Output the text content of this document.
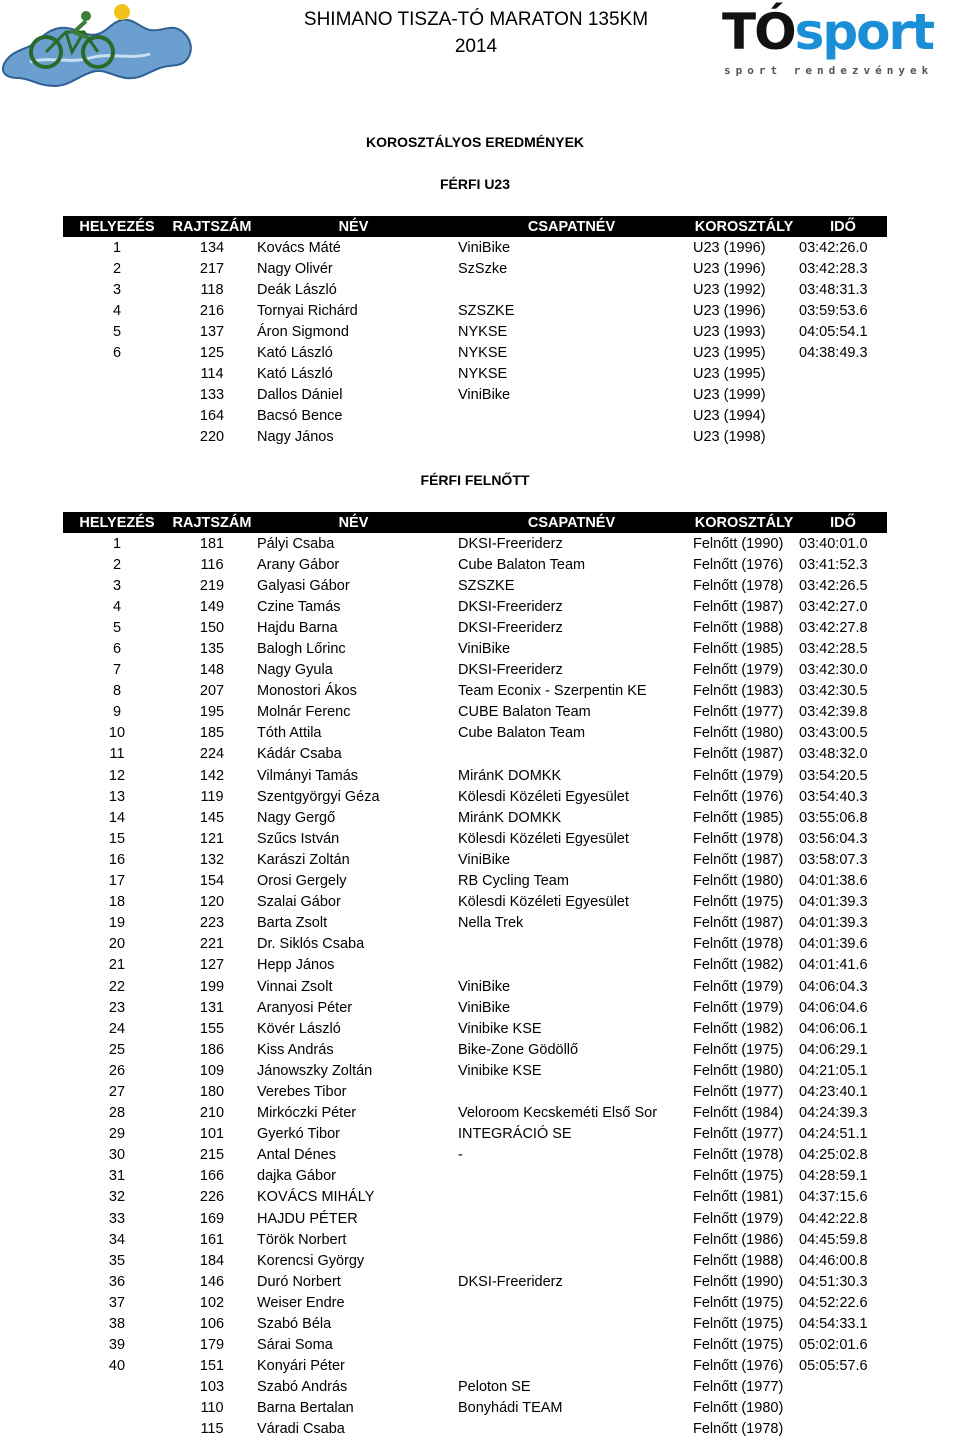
TÓsport
sport rendezvények
SHIMANO TISZA-TÓ MARATON 135KM
2014
KOROSZTÁLYOS EREDMÉNYEK
FÉRFI U23
HELYEZÉS	RAJTSZÁM	NÉV	CSAPATNÉV	KOROSZTÁLY	IDŐ
1	134	Kovács Máté	ViniBike	U23 (1996)	03:42:26.0
2	217	Nagy Olivér	SzSzke	U23 (1996)	03:42:28.3
3	118	Deák László		U23 (1992)	03:48:31.3
4	216	Tornyai Richárd	SZSZKE	U23 (1996)	03:59:53.6
5	137	Áron Sigmond	NYKSE	U23 (1993)	04:05:54.1
6	125	Kató László	NYKSE	U23 (1995)	04:38:49.3
	114	Kató László	NYKSE	U23 (1995)	
	133	Dallos Dániel	ViniBike	U23 (1999)	
	164	Bacsó Bence		U23 (1994)	
	220	Nagy János		U23 (1998)	
FÉRFI FELNŐTT
HELYEZÉS	RAJTSZÁM	NÉV	CSAPATNÉV	KOROSZTÁLY	IDŐ
1	181	Pályi Csaba	DKSI-Freeriderz	Felnőtt (1990)	03:40:01.0
2	116	Arany Gábor	Cube Balaton Team	Felnőtt (1976)	03:41:52.3
3	219	Galyasi Gábor	SZSZKE	Felnőtt (1978)	03:42:26.5
4	149	Czine Tamás	DKSI-Freeriderz	Felnőtt (1987)	03:42:27.0
5	150	Hajdu Barna	DKSI-Freeriderz	Felnőtt (1988)	03:42:27.8
6	135	Balogh Lőrinc	ViniBike	Felnőtt (1985)	03:42:28.5
7	148	Nagy Gyula	DKSI-Freeriderz	Felnőtt (1979)	03:42:30.0
8	207	Monostori Ákos	Team Econix - Szerpentin KE	Felnőtt (1983)	03:42:30.5
9	195	Molnár Ferenc	CUBE Balaton Team	Felnőtt (1977)	03:42:39.8
10	185	Tóth Attila	Cube Balaton Team	Felnőtt (1980)	03:43:00.5
11	224	Kádár Csaba		Felnőtt (1987)	03:48:32.0
12	142	Vilmányi Tamás	MiránK DOMKK	Felnőtt (1979)	03:54:20.5
13	119	Szentgyörgyi Géza	Kölesdi Közéleti Egyesület	Felnőtt (1976)	03:54:40.3
14	145	Nagy Gergő	MiránK DOMKK	Felnőtt (1985)	03:55:06.8
15	121	Szűcs István	Kölesdi Közéleti Egyesület	Felnőtt (1978)	03:56:04.3
16	132	Karászi Zoltán	ViniBike	Felnőtt (1987)	03:58:07.3
17	154	Orosi Gergely	RB Cycling Team	Felnőtt (1980)	04:01:38.6
18	120	Szalai Gábor	Kölesdi Közéleti Egyesület	Felnőtt (1975)	04:01:39.3
19	223	Barta Zsolt	Nella Trek	Felnőtt (1987)	04:01:39.3
20	221	Dr. Siklós Csaba		Felnőtt (1978)	04:01:39.6
21	127	Hepp János		Felnőtt (1982)	04:01:41.6
22	199	Vinnai Zsolt	ViniBike	Felnőtt (1979)	04:06:04.3
23	131	Aranyosi Péter	ViniBike	Felnőtt (1979)	04:06:04.6
24	155	Kövér László	Vinibike KSE	Felnőtt (1982)	04:06:06.1
25	186	Kiss András	Bike-Zone Gödöllő	Felnőtt (1975)	04:06:29.1
26	109	Jánowszky Zoltán	Vinibike KSE	Felnőtt (1980)	04:21:05.1
27	180	Verebes Tibor		Felnőtt (1977)	04:23:40.1
28	210	Mirkóczki Péter	Veloroom Kecskeméti Első Sor	Felnőtt (1984)	04:24:39.3
29	101	Gyerkó Tibor	INTEGRÁCIÓ SE	Felnőtt (1977)	04:24:51.1
30	215	Antal Dénes	-	Felnőtt (1978)	04:25:02.8
31	166	dajka Gábor		Felnőtt (1975)	04:28:59.1
32	226	KOVÁCS MIHÁLY		Felnőtt (1981)	04:37:15.6
33	169	HAJDU PÉTER		Felnőtt (1979)	04:42:22.8
34	161	Török Norbert		Felnőtt (1986)	04:45:59.8
35	184	Korencsi György		Felnőtt (1988)	04:46:00.8
36	146	Duró Norbert	DKSI-Freeriderz	Felnőtt (1990)	04:51:30.3
37	102	Weiser Endre		Felnőtt (1975)	04:52:22.6
38	106	Szabó Béla		Felnőtt (1975)	04:54:33.1
39	179	Sárai Soma		Felnőtt (1975)	05:02:01.6
40	151	Konyári Péter		Felnőtt (1976)	05:05:57.6
	103	Szabó András	Peloton SE	Felnőtt (1977)	
	110	Barna Bertalan	Bonyhádi TEAM	Felnőtt (1980)	
	115	Váradi Csaba		Felnőtt (1978)	
